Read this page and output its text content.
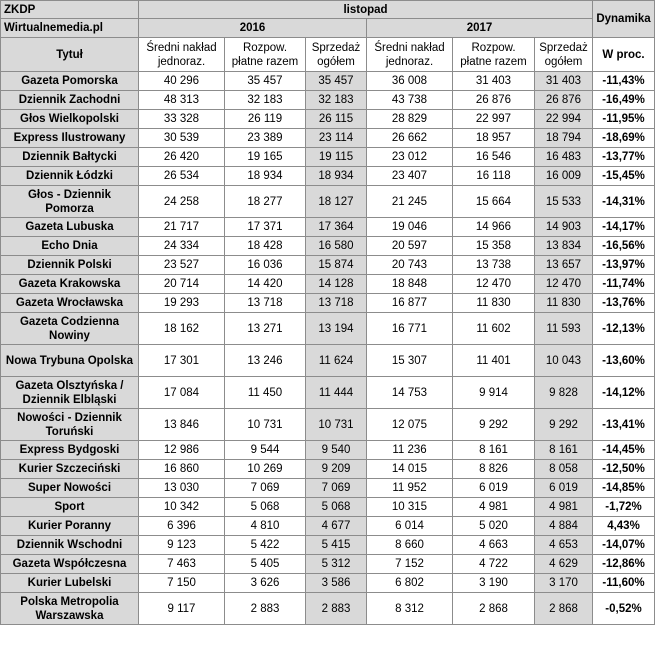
ZKDP	listopad						Dynamika
Wirtualnemedia.pl	2016			2017			
Tytuł	Średni nakład jednoraz.	Rozpow. płatne razem	Sprzedaż ogółem	Średni nakład jednoraz.	Rozpow. płatne razem	Sprzedaż ogółem	W proc.
Gazeta Pomorska	40 296	35 457	35 457	36 008	31 403	31 403	-11,43%
Dziennik Zachodni	48 313	32 183	32 183	43 738	26 876	26 876	-16,49%
Głos Wielkopolski	33 328	26 119	26 115	28 829	22 997	22 994	-11,95%
Express Ilustrowany	30 539	23 389	23 114	26 662	18 957	18 794	-18,69%
Dziennik Bałtycki	26 420	19 165	19 115	23 012	16 546	16 483	-13,77%
Dziennik Łódzki	26 534	18 934	18 934	23 407	16 118	16 009	-15,45%
Głos - Dziennik Pomorza	24 258	18 277	18 127	21 245	15 664	15 533	-14,31%
Gazeta Lubuska	21 717	17 371	17 364	19 046	14 966	14 903	-14,17%
Echo Dnia	24 334	18 428	16 580	20 597	15 358	13 834	-16,56%
Dziennik Polski	23 527	16 036	15 874	20 743	13 738	13 657	-13,97%
Gazeta Krakowska	20 714	14 420	14 128	18 848	12 470	12 470	-11,74%
Gazeta Wrocławska	19 293	13 718	13 718	16 877	11 830	11 830	-13,76%
Gazeta Codzienna Nowiny	18 162	13 271	13 194	16 771	11 602	11 593	-12,13%
Nowa Trybuna Opolska	17 301	13 246	11 624	15 307	11 401	10 043	-13,60%
Gazeta Olsztyńska / Dziennik Elbląski	17 084	11 450	11 444	14 753	9 914	9 828	-14,12%
Nowości - Dziennik Toruński	13 846	10 731	10 731	12 075	9 292	9 292	-13,41%
Express Bydgoski	12 986	9 544	9 540	11 236	8 161	8 161	-14,45%
Kurier Szczeciński	16 860	10 269	9 209	14 015	8 826	8 058	-12,50%
Super Nowości	13 030	7 069	7 069	11 952	6 019	6 019	-14,85%
Sport	10 342	5 068	5 068	10 315	4 981	4 981	-1,72%
Kurier Poranny	6 396	4 810	4 677	6 014	5 020	4 884	4,43%
Dziennik Wschodni	9 123	5 422	5 415	8 660	4 663	4 653	-14,07%
Gazeta Współczesna	7 463	5 405	5 312	7 152	4 722	4 629	-12,86%
Kurier Lubelski	7 150	3 626	3 586	6 802	3 190	3 170	-11,60%
Polska Metropolia Warszawska	9 117	2 883	2 883	8 312	2 868	2 868	-0,52%
